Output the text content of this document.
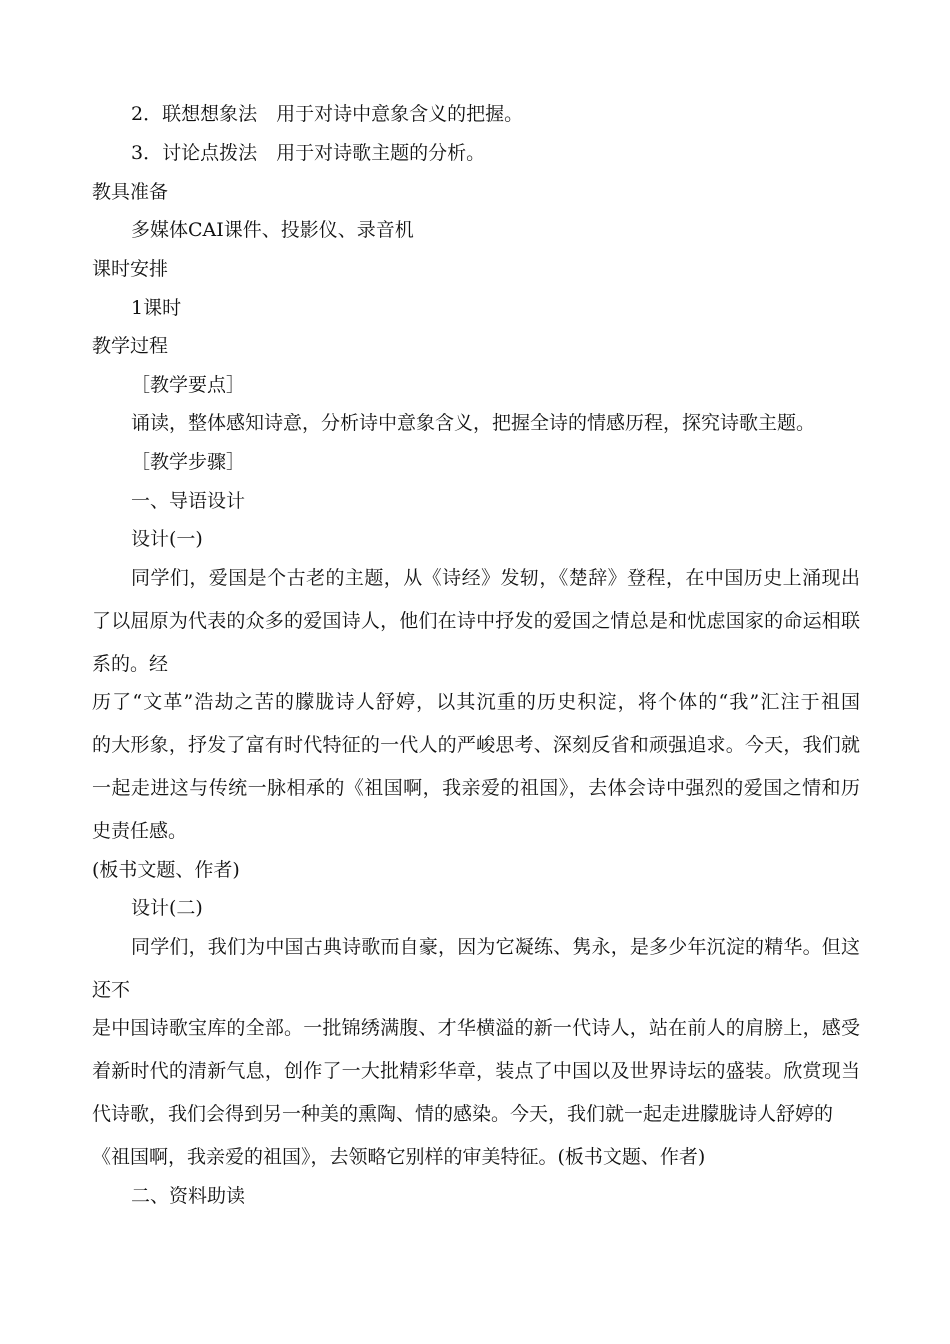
2．联想想象法　用于对诗中意象含义的把握。
3．讨论点拨法　用于对诗歌主题的分析。
教具准备
多媒体CAI课件、投影仪、录音机
课时安排
1课时
教学过程
［教学要点］
诵读，整体感知诗意，分析诗中意象含义，把握全诗的情感历程，探究诗歌主题。
［教学步骤］
一、导语设计
设计(一)
同学们，爱国是个古老的主题，从《诗经》发轫，《楚辞》登程，在中国历史上涌现出
了以屈原为代表的众多的爱国诗人，他们在诗中抒发的爱国之情总是和忧虑国家的命运相联
系的。经
历了“文革”浩劫之苦的朦胧诗人舒婷，以其沉重的历史积淀，将个体的“我”汇注于祖国
的大形象，抒发了富有时代特征的一代人的严峻思考、深刻反省和顽强追求。今天，我们就
一起走进这与传统一脉相承的《祖国啊，我亲爱的祖国》，去体会诗中强烈的爱国之情和历
史责任感。
(板书文题、作者)
设计(二)
同学们，我们为中国古典诗歌而自豪，因为它凝练、隽永，是多少年沉淀的精华。但这
还不
是中国诗歌宝库的全部。一批锦绣满腹、才华横溢的新一代诗人，站在前人的肩膀上，感受
着新时代的清新气息，创作了一大批精彩华章，装点了中国以及世界诗坛的盛装。欣赏现当
代诗歌，我们会得到另一种美的熏陶、情的感染。今天，我们就一起走进朦胧诗人舒婷的
《祖国啊，我亲爱的祖国》，去领略它别样的审美特征。(板书文题、作者)
二、资料助读
